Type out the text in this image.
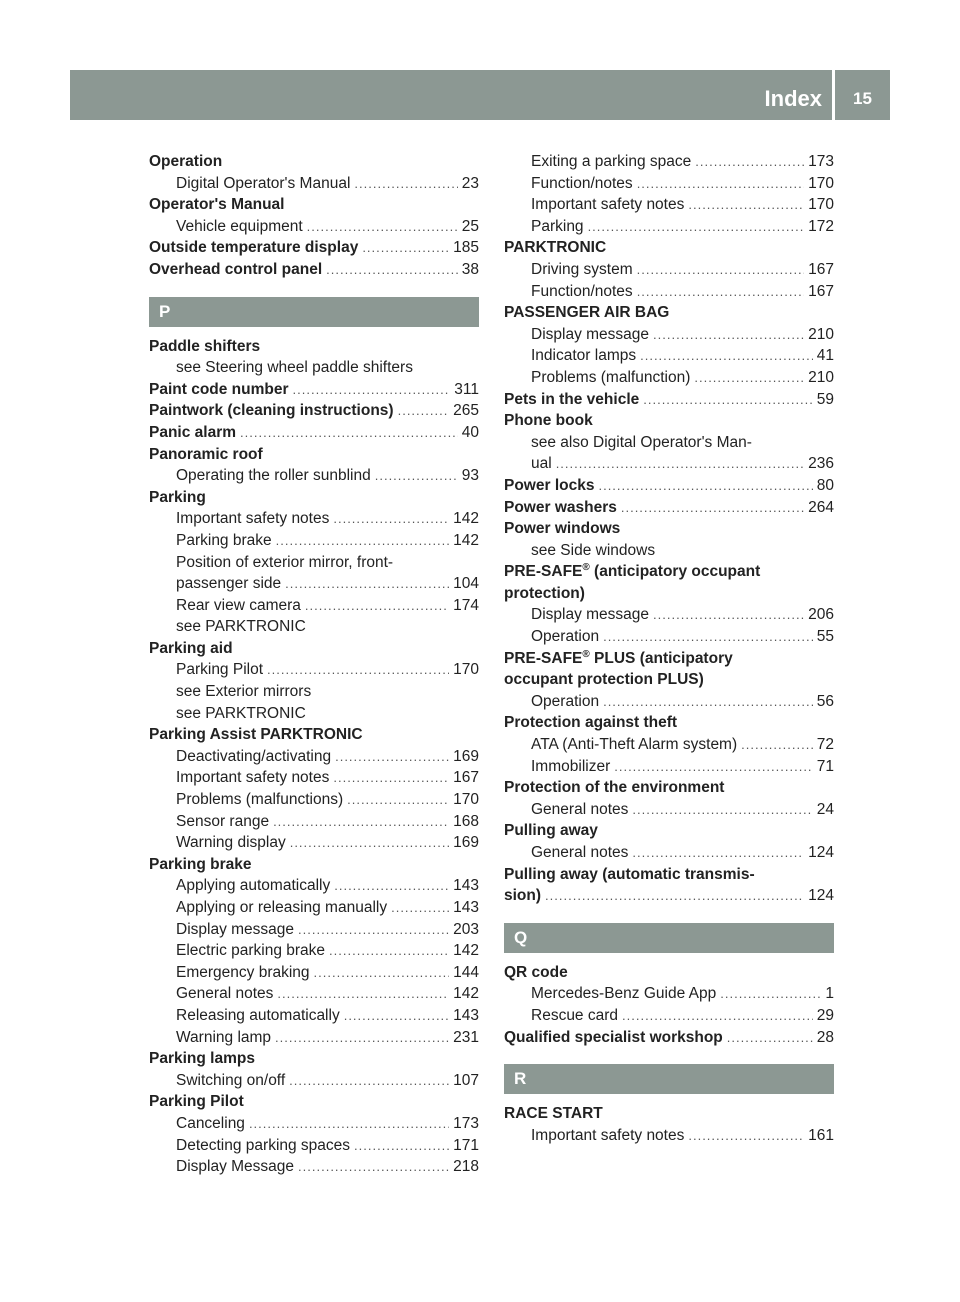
Index	15
Operation
Digital Operator's Manual .....	23
Operator's Manual
Vehicle equipment .....	25
Outside temperature display .....	185
Overhead control panel .....	38
P
Paddle shifters
see Steering wheel paddle shifters
Paint code number .....	311
Paintwork (cleaning instructions) .....	265
Panic alarm .....	40
Panoramic roof
Operating the roller sunblind .....	93
Parking
Important safety notes .....	142
Parking brake .....	142
Position of exterior mirror, front-
passenger side .....	104
Rear view camera .....	174
see PARKTRONIC
Parking aid
Parking Pilot .....	170
see Exterior mirrors
see PARKTRONIC
Parking Assist PARKTRONIC
Deactivating/activating .....	169
Important safety notes .....	167
Problems (malfunctions) .....	170
Sensor range .....	168
Warning display .....	169
Parking brake
Applying automatically .....	143
Applying or releasing manually .....	143
Display message .....	203
Electric parking brake .....	142
Emergency braking .....	144
General notes .....	142
Releasing automatically .....	143
Warning lamp .....	231
Parking lamps
Switching on/off .....	107
Parking Pilot
Canceling .....	173
Detecting parking spaces .....	171
Display Message .....	218
Exiting a parking space .....	173
Function/notes .....	170
Important safety notes .....	170
Parking .....	172
PARKTRONIC
Driving system .....	167
Function/notes .....	167
PASSENGER AIR BAG
Display message .....	210
Indicator lamps .....	41
Problems (malfunction) .....	210
Pets in the vehicle .....	59
Phone book
see also Digital Operator's Man-
ual .....	236
Power locks .....	80
Power washers .....	264
Power windows
see Side windows
PRE-SAFE® (anticipatory occupant
protection)
Display message .....	206
Operation .....	55
PRE-SAFE® PLUS (anticipatory
occupant protection PLUS)
Operation .....	56
Protection against theft
ATA (Anti-Theft Alarm system) .....	72
Immobilizer .....	71
Protection of the environment
General notes .....	24
Pulling away
General notes .....	124
Pulling away (automatic transmis-
sion) .....	124
Q
QR code
Mercedes-Benz Guide App .....	1
Rescue card .....	29
Qualified specialist workshop .....	28
R
RACE START
Important safety notes .....	161
